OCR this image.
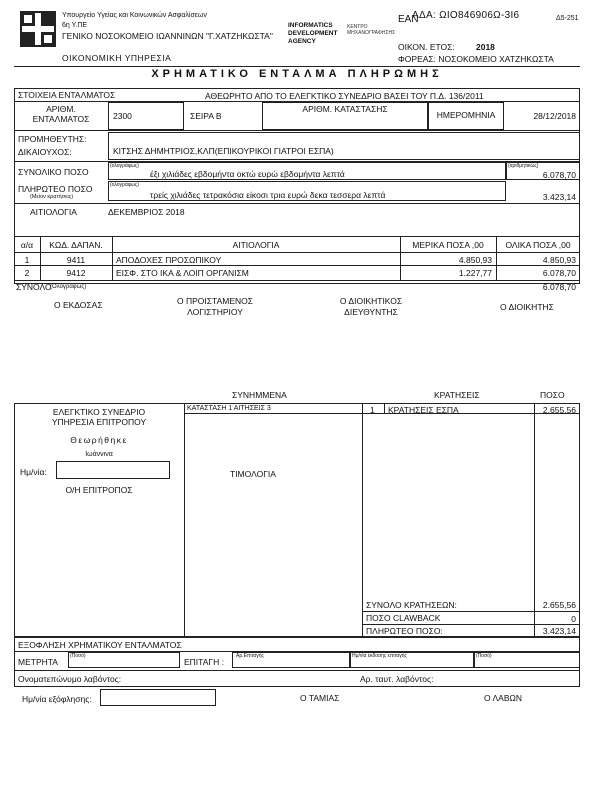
Υπουργείο Υγείας και Κοινωνικών Ασφαλίσεων
6η Υ.ΠΕ
ΓΕΝΙΚΟ ΝΟΣΟΚΟΜΕΙΟ ΙΩΑΝΝΙΝΩΝ "Γ.ΧΑΤΖΗΚΩΣΤΑ"
ΟΙΚΟΝΟΜΙΚΗ ΥΠΗΡΕΣΙΑ
INFORMATICS DEVELOPMENT AGENCY
ΚΕΝΤΡΟ ΜΗΧΑΝΟΓΡΑΦΗΣΗΣ
ΕΑΝ
ΑΔΑ: ΩΙΟ846906Ω-3Ι6	Δ5-251
ΟΙΚΟΝ. ΕΤΟΣ: 2018
ΦΟΡΕΑΣ: ΝΟΣΟΚΟΜΕΙΟ ΧΑΤΖΗΚΩΣΤΑ
ΧΡΗΜΑΤΙΚΟ ΕΝΤΑΛΜΑ ΠΛΗΡΩΜΗΣ
ΣΤΟΙΧΕΙΑ ΕΝΤΑΛΜΑΤΟΣ	ΑΘΕΩΡΗΤΟ ΑΠΟ ΤΟ ΕΛΕΓΚΤΙΚΟ ΣΥΝΕΔΡΙΟ ΒΑΣΕΙ ΤΟΥ Π.Δ. 136/2011
ΑΡΙΘΜ. ΕΝΤΑΛΜΑΤΟΣ	2300	ΣΕΙΡΑ Β
ΑΡΙΘΜ. ΚΑΤΑΣΤΑΣΗΣ
ΗΜΕΡΟΜΗΝΙΑ	28/12/2018
ΠΡΟΜΗΘΕΥΤΗΣ:
ΔΙΚΑΙΟΥΧΟΣ:	ΚΙΤΣΗΣ ΔΗΜΗΤΡΙΟΣ,ΚΛΠ(ΕΠΙΚΟΥΡΙΚΟΙ ΓΙΑΤΡΟΙ ΕΣΠΑ)
ΣΥΝΟΛΙΚΟ ΠΟΣΟ
(ολογράφως)
έξι χιλιάδες εβδομήντα οκτώ ευρώ εβδομήντα λεπτά
(αριθμητικώς)
6.078,70
ΠΛΗΡΩΤΕΟ ΠΟΣΟ
(Μείον κρατήσεις)
(ολογράφως)
τρείς χιλιάδες τετρακόσια είκοσι τρια ευρώ δεκα τεσσερα λεπτά	3.423,14
ΑΙΤΙΟΛΟΓΙΑ	ΔΕΚΕΜΒΡΙΟΣ 2018
α/α	ΚΩΔ. ΔΑΠΑΝ.	ΑΙΤΙΟΛΟΓΙΑ	ΜΕΡΙΚΑ ΠΟΣΑ ,00	ΟΛΙΚΑ ΠΟΣΑ ,00
1	9411	ΑΠΟΔΟΧΕΣ ΠΡΟΣΩΠΙΚΟΥ	4.850,93	4.850,93
2	9412	ΕΙΣΦ. ΣΤΟ ΙΚΑ & ΛΟΙΠ ΟΡΓΑΝΙΣΜ	1.227,77	6.078,70
ΣΥΝΟΛΟ
(Ολογράφως)	6.078,70
Ο ΕΚΔΟΣΑΣ	Ο ΠΡΟΙΣΤΑΜΕΝΟΣ
ΛΟΓΙΣΤΗΡΙΟΥ
Ο ΔΙΟΙΚΗΤΙΚΟΣ
ΔΙΕΥΘΥΝΤΗΣ	Ο ΔΙΟΙΚΗΤΗΣ
ΣΥΝΗΜΜΕΝΑ	ΚΡΑΤΗΣΕΙΣ	ΠΟΣΟ
ΕΛΕΓΚΤΙΚΟ ΣΥΝΕΔΡΙΟ
ΥΠΗΡΕΣΙΑ ΕΠΙΤΡΟΠΟΥ
Θεωρήθηκε
Ιωάννινα
Ημ/νία:
Ο/Η ΕΠΙΤΡΟΠΟΣ
ΚΑΤΑΣΤΑΣΗ 1 ΑΙΤΗΣΕΙΣ 3
ΤΙΜΟΛΟΓΙΑ
1 ΚΡΑΤΗΣΕΙΣ ΕΣΠΑ	2.655,56
ΣΥΝΟΛΟ ΚΡΑΤΗΣΕΩΝ:	2.655,56
ΠΟΣΟ CLAWBACK	0
ΠΛΗΡΩΤΕΟ ΠΟΣΟ:	3.423,14
ΕΞΟΦΛΗΣΗ ΧΡΗΜΑΤΙΚΟΥ ΕΝΤΑΛΜΑΤΟΣ
ΜΕΤΡΗΤΑ
(Ποσό)
ΕΠΙΤΑΓΗ :
Αρ.Επιταγής	Ημ/νία έκδοσης επιταγής	(Ποσό)
Ονοματεπώνυμο λαβόντος:	Αρ. ταυτ. λαβόντος:
Ημ/νία εξόφλησης:	Ο ΤΑΜΙΑΣ	Ο ΛΑΒΩΝ
